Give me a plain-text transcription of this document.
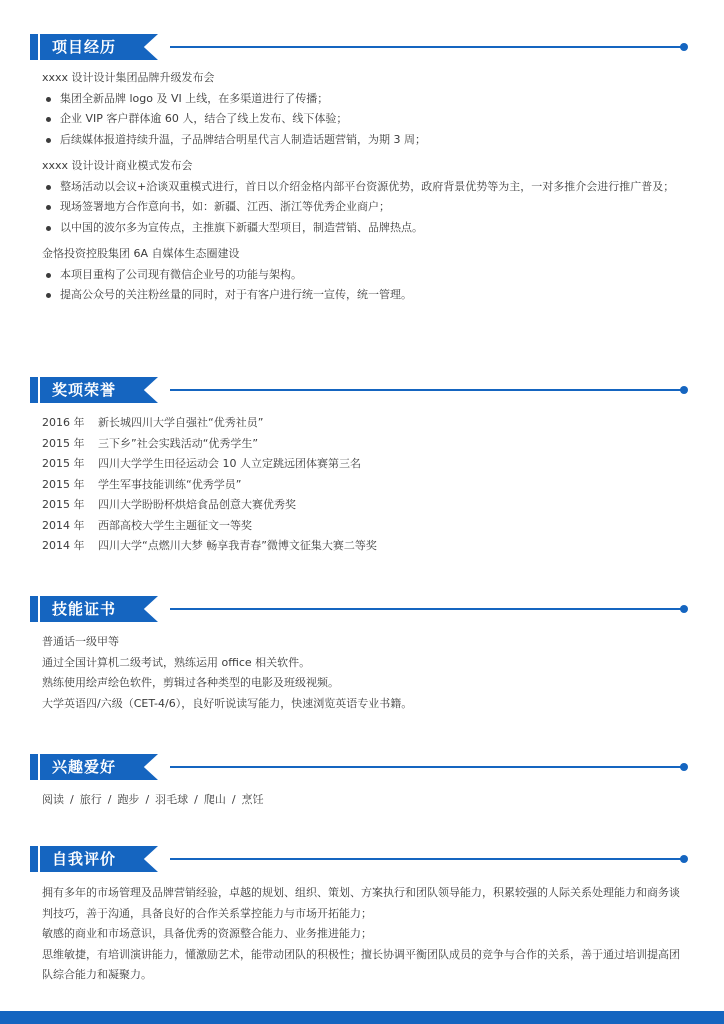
项目经历
xxxx 设计设计集团品牌升级发布会
集团全新品牌 logo 及 VI 上线，在多渠道进行了传播；
企业 VIP 客户群体逾 60 人，结合了线上发布、线下体验；
后续媒体报道持续升温，子品牌结合明星代言人制造话题营销，为期 3 周；
xxxx 设计设计商业模式发布会
整场活动以会议+洽谈双重模式进行，首日以介绍金格内部平台资源优势，政府背景优势等为主，一对多推介会进行推广普及；
现场签署地方合作意向书，如：新疆、江西、浙江等优秀企业商户；
以中国的波尔多为宣传点，主推旗下新疆大型项目，制造营销、品牌热点。
金恪投资控股集团 6A 自媒体生态圈建设
本项目重构了公司现有微信企业号的功能与架构。
提高公众号的关注粉丝量的同时，对于有客户进行统一宣传，统一管理。
奖项荣誉
2016 年	新长城四川大学自强社“优秀社员”
2015 年	三下乡”社会实践活动“优秀学生”
2015 年	四川大学学生田径运动会 10 人立定跳远团体赛第三名
2015 年	学生军事技能训练“优秀学员”
2015 年	四川大学盼盼杯烘焙食品创意大赛优秀奖
2014 年	西部高校大学生主题征文一等奖
2014 年	四川大学“点燃川大梦 畅享我青春”微博文征集大赛二等奖
技能证书
普通话一级甲等
通过全国计算机二级考试，熟练运用 office 相关软件。
熟练使用绘声绘色软件，剪辑过各种类型的电影及班级视频。
大学英语四/六级（CET-4/6），良好听说读写能力，快速浏览英语专业书籍。
兴趣爱好
阅读 / 旅行 / 跑步 / 羽毛球 / 爬山 / 烹饪
自我评价
拥有多年的市场管理及品牌营销经验，卓越的规划、组织、策划、方案执行和团队领导能力，积累较强的人际关系处理能力和商务谈判技巧，善于沟通，具备良好的合作关系掌控能力与市场开拓能力；
敏感的商业和市场意识，具备优秀的资源整合能力、业务推进能力；
思维敏捷，有培训演讲能力，懂激励艺术，能带动团队的积极性；擅长协调平衡团队成员的竞争与合作的关系，善于通过培训提高团队综合能力和凝聚力。
